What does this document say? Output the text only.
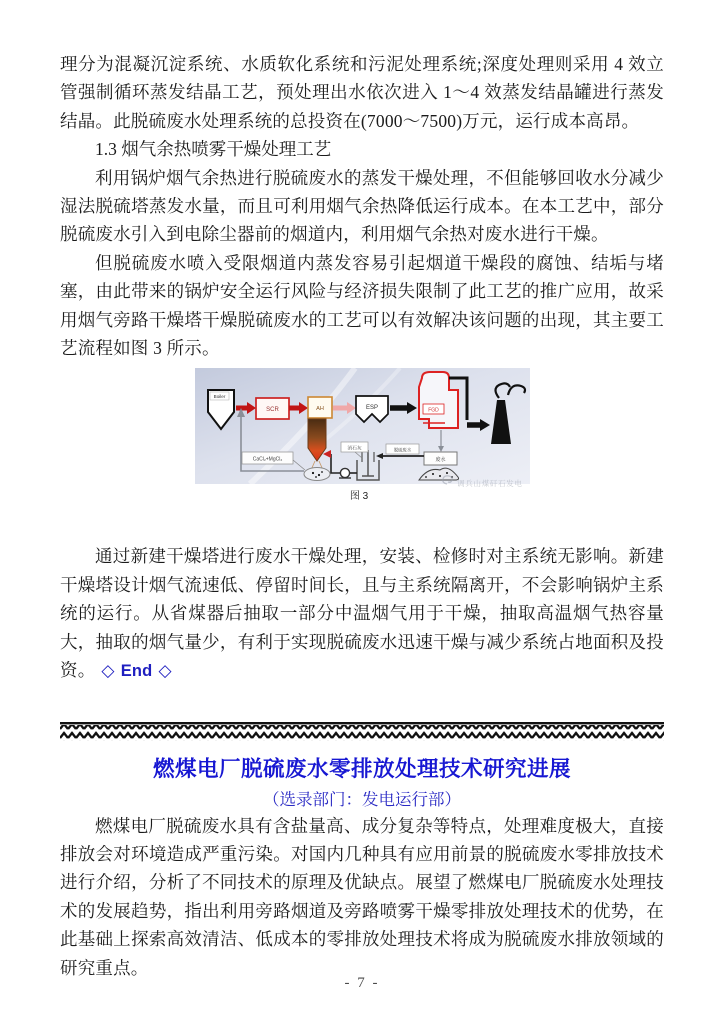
理分为混凝沉淀系统、水质软化系统和污泥处理系统;深度处理则采用 4 效立管强制循环蒸发结晶工艺，预处理出水依次进入 1～4 效蒸发结晶罐进行蒸发结晶。此脱硫废水处理系统的总投资在(7000～7500)万元，运行成本高昂。

1.3 烟气余热喷雾干燥处理工艺

利用锅炉烟气余热进行脱硫废水的蒸发干燥处理，不但能够回收水分减少湿法脱硫塔蒸发水量，而且可利用烟气余热降低运行成本。在本工艺中，部分脱硫废水引入到电除尘器前的烟道内，利用烟气余热对废水进行干燥。

但脱硫废水喷入受限烟道内蒸发容易引起烟道干燥段的腐蚀、结垢与堵塞，由此带来的锅炉安全运行风险与经济损失限制了此工艺的推广应用，故采用烟气旁路干燥塔干燥脱硫废水的工艺可以有效解决该问题的出现，其主要工艺流程如图 3 所示。

Boiler
SCR	AH	ESP	FGD
CaCl₂+MgCl₂
消石灰
废水
脱硫废水
调兵山煤矸石发电
图 3

通过新建干燥塔进行废水干燥处理，安装、检修时对主系统无影响。新建干燥塔设计烟气流速低、停留时间长，且与主系统隔离开，不会影响锅炉主系统的运行。从省煤器后抽取一部分中温烟气用于干燥，抽取高温烟气热容量大，抽取的烟气量少，有利于实现脱硫废水迅速干燥与减少系统占地面积及投资。 ◇ End ◇

燃煤电厂脱硫废水零排放处理技术研究进展

（选录部门：发电运行部）

燃煤电厂脱硫废水具有含盐量高、成分复杂等特点，处理难度极大，直接排放会对环境造成严重污染。对国内几种具有应用前景的脱硫废水零排放技术进行介绍，分析了不同技术的原理及优缺点。展望了燃煤电厂脱硫废水处理技术的发展趋势，指出利用旁路烟道及旁路喷雾干燥零排放处理技术的优势，在此基础上探索高效清洁、低成本的零排放处理技术将成为脱硫废水排放领域的研究重点。

- 7 -
